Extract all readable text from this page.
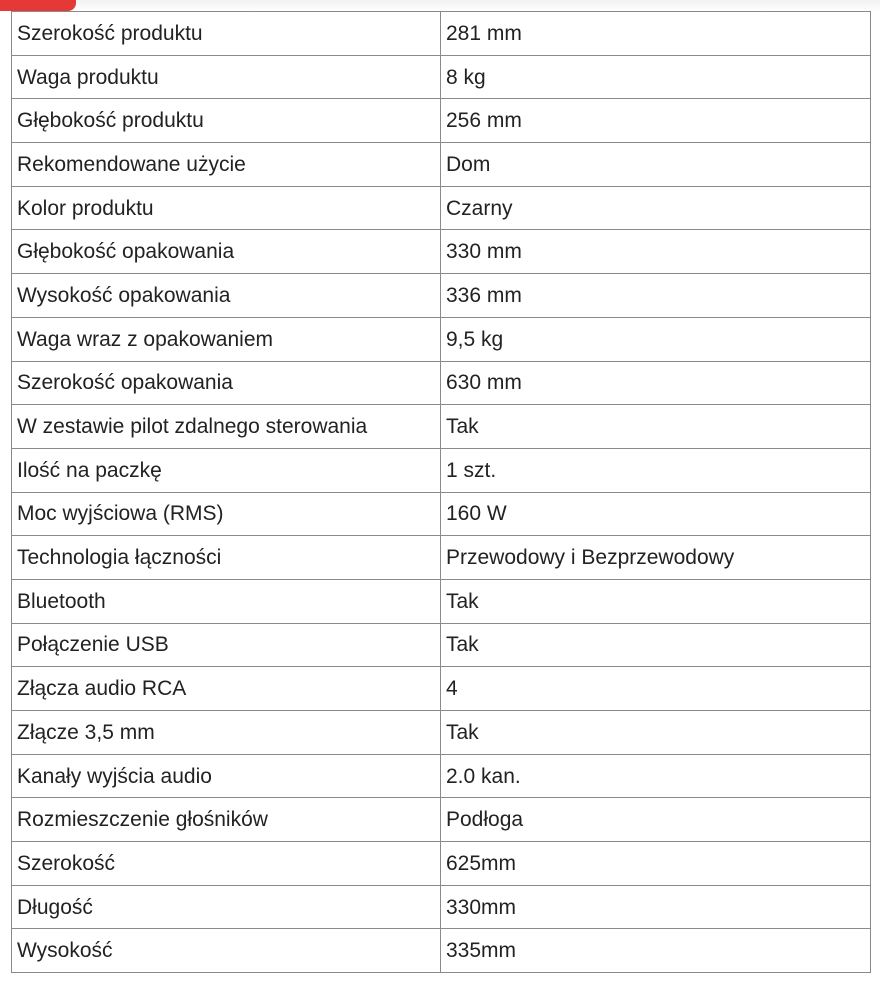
Szerokość produktu	281 mm
Waga produktu	8 kg
Głębokość produktu	256 mm
Rekomendowane użycie	Dom
Kolor produktu	Czarny
Głębokość opakowania	330 mm
Wysokość opakowania	336 mm
Waga wraz z opakowaniem	9,5 kg
Szerokość opakowania	630 mm
W zestawie pilot zdalnego sterowania	Tak
Ilość na paczkę	1 szt.
Moc wyjściowa (RMS)	160 W
Technologia łączności	Przewodowy i Bezprzewodowy
Bluetooth	Tak
Połączenie USB	Tak
Złącza audio RCA	4
Złącze 3,5 mm	Tak
Kanały wyjścia audio	2.0 kan.
Rozmieszczenie głośników	Podłoga
Szerokość	625mm
Długość	330mm
Wysokość	335mm
